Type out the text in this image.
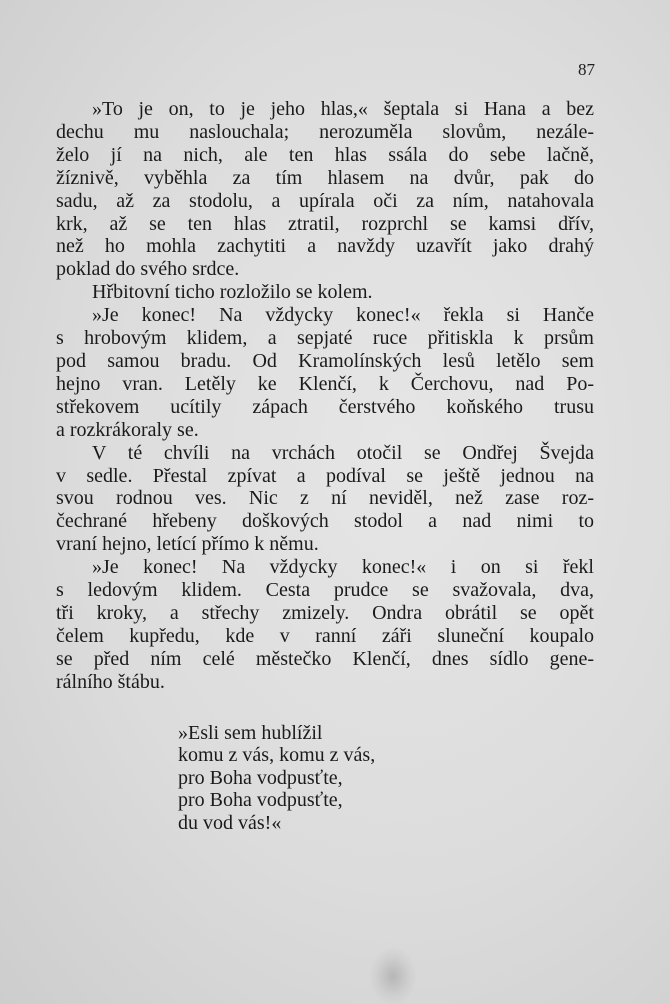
87
»To je on, to je jeho hlas,« šeptala si Hana a bez
dechu mu naslouchala; nerozuměla slovům, nezále-
želo jí na nich, ale ten hlas ssála do sebe lačně,
žíznivě, vyběhla za tím hlasem na dvůr, pak do
sadu, až za stodolu, a upírala oči za ním, natahovala
krk, až se ten hlas ztratil, rozprchl se kamsi dřív,
než ho mohla zachytiti a navždy uzavřít jako drahý
poklad do svého srdce.
Hřbitovní ticho rozložilo se kolem.
»Je konec! Na vždycky konec!« řekla si Hanče
s hrobovým klidem, a sepjaté ruce přitiskla k prsům
pod samou bradu. Od Kramolínských lesů letělo sem
hejno vran. Letěly ke Klenčí, k Čerchovu, nad Po-
střekovem ucítily zápach čerstvého koňského trusu
a rozkrákoraly se.
V té chvíli na vrchách otočil se Ondřej Švejda
v sedle. Přestal zpívat a podíval se ještě jednou na
svou rodnou ves. Nic z ní neviděl, než zase roz-
čechrané hřebeny doškových stodol a nad nimi to
vraní hejno, letící přímo k němu.
»Je konec! Na vždycky konec!« i on si řekl
s ledovým klidem. Cesta prudce se svažovala, dva,
tři kroky, a střechy zmizely. Ondra obrátil se opět
čelem kupředu, kde v ranní záři sluneční koupalo
se před ním celé městečko Klenčí, dnes sídlo gene-
rálního štábu.
»Esli sem hublížil
komu z vás, komu z vás,
pro Boha vodpusťte,
pro Boha vodpusťte,
du vod vás!«
